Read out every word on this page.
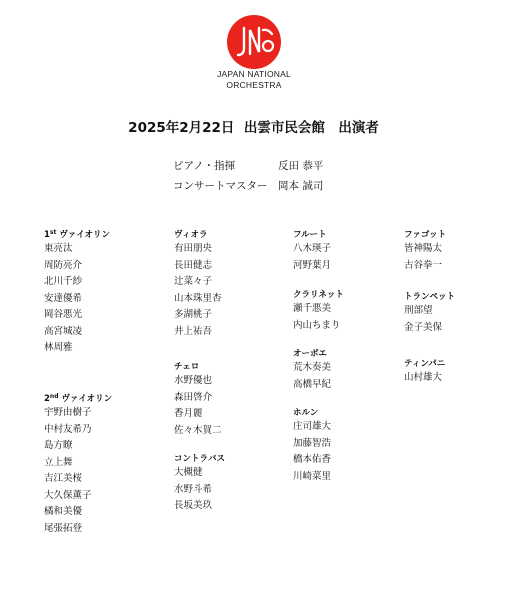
JAPAN NATIONAL
ORCHESTRA
2025年2月22日  出雲市民会館　出演者
ピアノ・指揮	反田 恭平
コンサートマスター 岡本 誠司
1st ヴァイオリン
東亮汰
周防亮介
北川千紗
安達優希
岡谷悪光
高宮城凌
林周雅
2nd ヴァイオリン
宇野由樹子
中村友希乃
島方瞭
立上舞
吉江美桜
大久保薫子
橘和美優
尾張拓登
ヴィオラ
有田朋央
長田健志
辻菜々子
山本珠里杏
多湖桃子
井上祐吾
チェロ
水野優也
森田啓介
香月麗
佐々木賀二
コントラバス
大槻健
水野斗希
長坂美玖
フルート
八木瑛子
河野葉月
クラリネット
瀬千悪美
内山ちまり
オーボエ
荒木奏美
高橋早紀
ホルン
庄司雄大
加藤智浩
橋本佑香
川崎菜里
ファゴット
皆神陽太
古谷拳一
トランペット
刑部望
金子美保
ティンパニ
山村雄大
